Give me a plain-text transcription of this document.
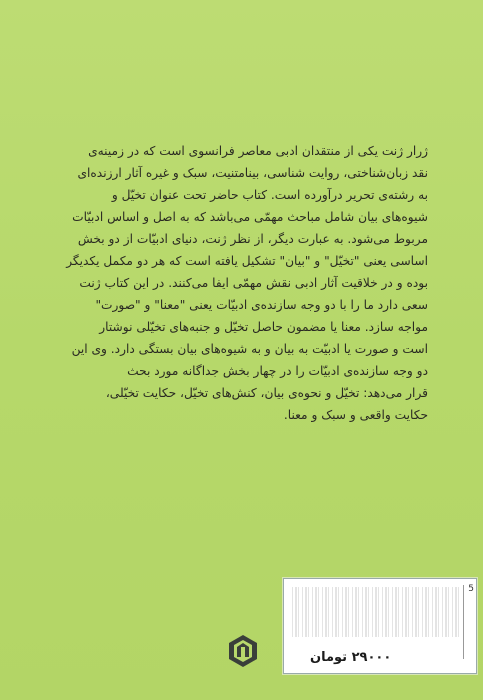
ژرار ژنت یکی از منتقدان ادبی معاصر فرانسوی است که در زمینه‌ی
نقد زبان‌شناختی، روایت شناسی، بینامتنیت، سبک و غیره آثار ارزنده‌ای
به رشته‌ی تحریر درآورده است. کتاب حاضر تحت عنوان تخیّل و
شیوه‌های بیان شامل مباحث مهمّی می‌باشد که به اصل و اساس ادبیّات
مربوط می‌شود. به عبارت دیگر، از نظر ژنت، دنیای ادبیّات از دو بخش
اساسی یعنی "تخیّل" و "بیان" تشکیل یافته است که هر دو مکمل یکدیگر
بوده و در خلاقیت آثار ادبی نقش مهمّی ایفا می‌کنند. در این کتاب ژنت
سعی دارد ما را با دو وجه سازنده‌ی ادبیّات یعنی "معنا" و "صورت"
مواجه سازد. معنا یا مضمون حاصل تخیّل و جنبه‌های تخیّلی نوشتار
است و صورت یا ادبیّت به بیان و به شیوه‌های بیان بستگی دارد. وی این
دو وجه سازنده‌ی ادبیّات را در چهار بخش جداگانه مورد بحث
قرار می‌دهد: تخیّل و نحوه‌ی بیان، کنش‌های تخیّل، حکایت تخیّلی،
حکایت واقعی و سبک و معنا.
5
۲۹۰۰۰ تومان
